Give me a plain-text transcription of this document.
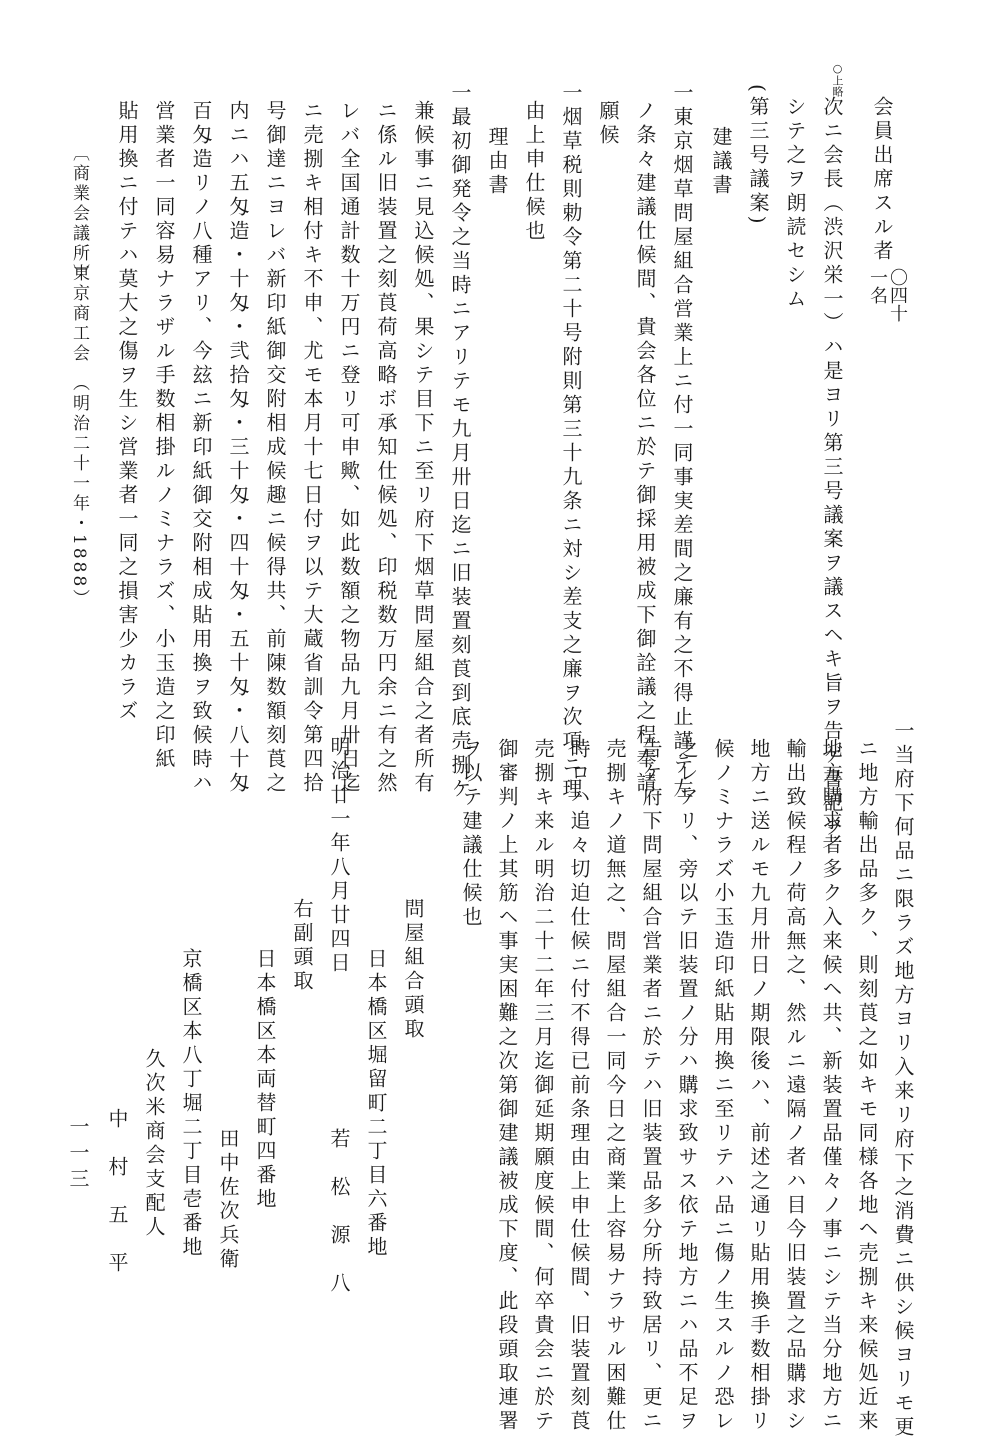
会員出席スル者
〇四十
一名
○上略
次ニ会長（渋沢栄一）ハ是ヨリ第三号議案ヲ議スヘキ旨ヲ告ゲ書記ヲ
シテ之ヲ朗読セシム
(第三号議案)
建議書
一東京烟草問屋組合営業上ニ付一同事実差間之廉有之不得止謹テ左
ノ条々建議仕候間、貴会各位ニ於テ御採用被成下御詮議之程奉請
願候
一烟草税則勅令第二十号附則第三十九条ニ対シ差支之廉ヲ次項ニ理
由上申仕候也
理由書
一最初御発令之当時ニアリテモ九月卅日迄ニ旧装置刻莨到底売捌ケ
兼候事ニ見込候処、果シテ目下ニ至リ府下烟草問屋組合之者所有
ニ係ル旧装置之刻莨荷高略ボ承知仕候処、印税数万円余ニ有之然
レバ全国通計数十万円ニ登リ可申歟、如此数額之物品九月卅日迄
ニ売捌キ相付キ不申、尤モ本月十七日付ヲ以テ大蔵省訓令第四拾
号御達ニヨレバ新印紙御交附相成候趣ニ候得共、前陳数額刻莨之
内ニハ五匁造・十匁・弐拾匁・三十匁・四十匁・五十匁・八十匁
百匁造リノ八種アリ、今玆ニ新印紙御交附相成貼用換ヲ致候時ハ
営業者一同容易ナラザル手数相掛ルノミナラズ、小玉造之印紙
貼用換ニ付テハ莫大之傷ヲ生シ営業者一同之損害少カラズ
〔商業会議所〕
東京商工会
（明治二十一年・1888）
一当府下何品ニ限ラズ地方ヨリ入来リ府下之消費ニ供シ候ヨリモ更
ニ地方輸出品多ク、則刻莨之如キモ同様各地ヘ売捌キ来候処近来
地方購求者多ク入来候ヘ共、新装置品僅々ノ事ニシテ当分地方ニ
輸出致候程ノ荷高無之、然ルニ遠隔ノ者ハ目今旧装置之品購求シ
地方ニ送ルモ九月卅日ノ期限後ハ、前述之通リ貼用換手数相掛リ
候ノミナラズ小玉造印紙貼用換ニ至リテハ品ニ傷ノ生スルノ恐レ
之レアリ、旁以テ旧装置ノ分ハ購求致サス依テ地方ニハ品不足ヲ
告ケ府下問屋組合営業者ニ於テハ旧装置品多分所持致居リ、更ニ
売捌キノ道無之、問屋組合一同今日之商業上容易ナラサル困難仕
時ロハ追々切迫仕候ニ付不得已前条理由上申仕候間、旧装置刻莨
売捌キ来ル明治二十二年三月迄御延期願度候間、何卒貴会ニ於テ
御審判ノ上其筋ヘ事実困難之次第御建議被成下度、此段頭取連署
ヲ以テ建議仕候也
問屋組合頭取
日本橋区堀留町二丁目六番地
若　松　源　八
明治廿一年八月廿四日
右副頭取
日本橋区本両替町四番地
田中佐次兵衛
京橋区本八丁堀二丁目壱番地
久次米商会支配人
中　村　五　平
一一三
